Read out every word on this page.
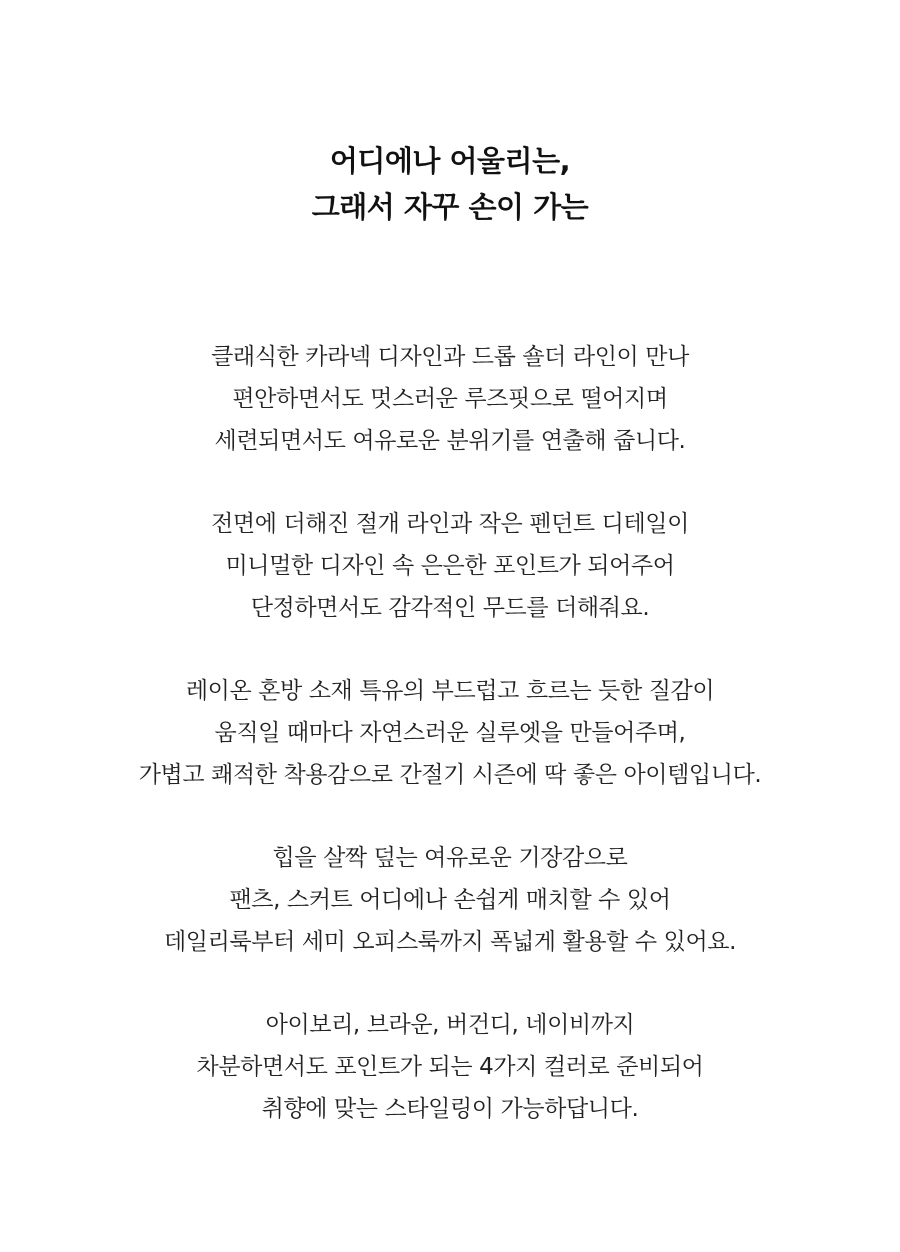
어디에나 어울리는,
그래서 자꾸 손이 가는

클래식한 카라넥 디자인과 드롭 숄더 라인이 만나
편안하면서도 멋스러운 루즈핏으로 떨어지며
세련되면서도 여유로운 분위기를 연출해 줍니다.

전면에 더해진 절개 라인과 작은 펜던트 디테일이
미니멀한 디자인 속 은은한 포인트가 되어주어
단정하면서도 감각적인 무드를 더해줘요.

레이온 혼방 소재 특유의 부드럽고 흐르는 듯한 질감이
움직일 때마다 자연스러운 실루엣을 만들어주며,
가볍고 쾌적한 착용감으로 간절기 시즌에 딱 좋은 아이템입니다.

힙을 살짝 덮는 여유로운 기장감으로
팬츠, 스커트 어디에나 손쉽게 매치할 수 있어
데일리룩부터 세미 오피스룩까지 폭넓게 활용할 수 있어요.

아이보리, 브라운, 버건디, 네이비까지
차분하면서도 포인트가 되는 4가지 컬러로 준비되어
취향에 맞는 스타일링이 가능하답니다.
